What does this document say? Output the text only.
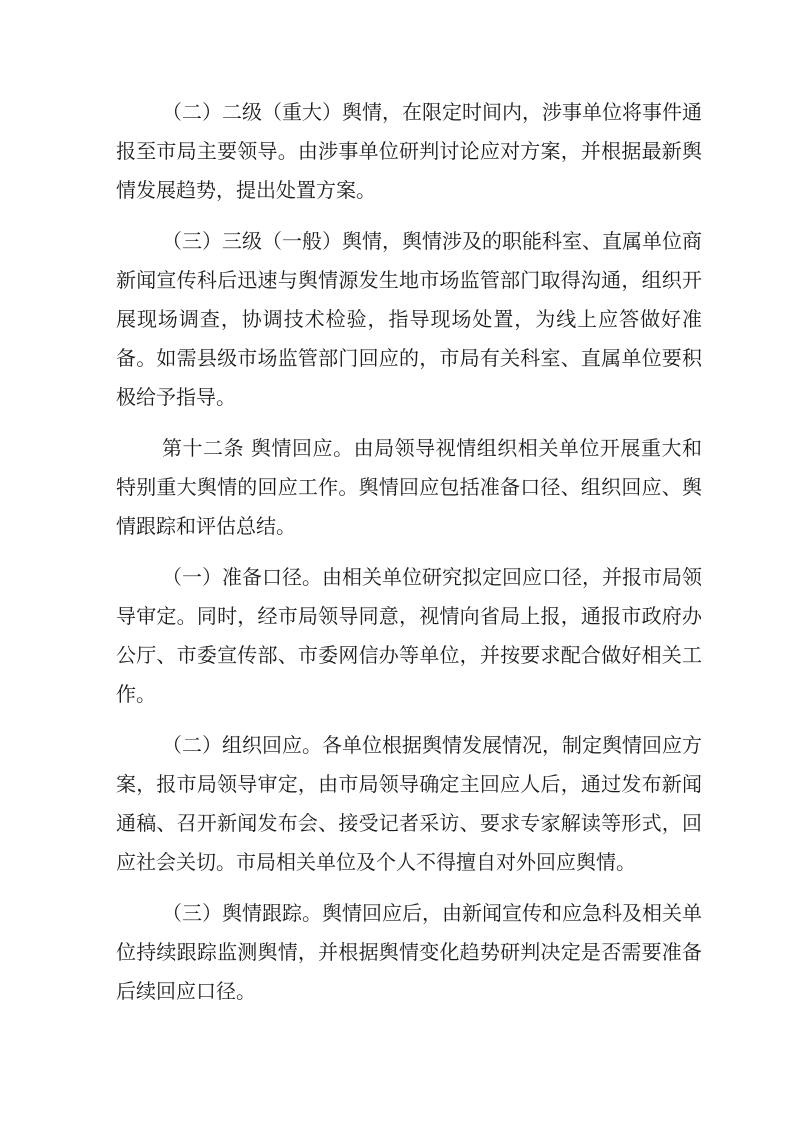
（二）二级（重大）舆情，在限定时间内，涉事单位将事件通报至市局主要领导。由涉事单位研判讨论应对方案，并根据最新舆情发展趋势，提出处置方案。

（三）三级（一般）舆情，舆情涉及的职能科室、直属单位商新闻宣传科后迅速与舆情源发生地市场监管部门取得沟通，组织开展现场调查，协调技术检验，指导现场处置，为线上应答做好准备。如需县级市场监管部门回应的，市局有关科室、直属单位要积极给予指导。

第十二条 舆情回应。由局领导视情组织相关单位开展重大和特别重大舆情的回应工作。舆情回应包括准备口径、组织回应、舆情跟踪和评估总结。

（一）准备口径。由相关单位研究拟定回应口径，并报市局领导审定。同时，经市局领导同意，视情向省局上报，通报市政府办公厅、市委宣传部、市委网信办等单位，并按要求配合做好相关工作。

（二）组织回应。各单位根据舆情发展情况，制定舆情回应方案，报市局领导审定，由市局领导确定主回应人后，通过发布新闻通稿、召开新闻发布会、接受记者采访、要求专家解读等形式，回应社会关切。市局相关单位及个人不得擅自对外回应舆情。

（三）舆情跟踪。舆情回应后，由新闻宣传和应急科及相关单位持续跟踪监测舆情，并根据舆情变化趋势研判决定是否需要准备后续回应口径。
